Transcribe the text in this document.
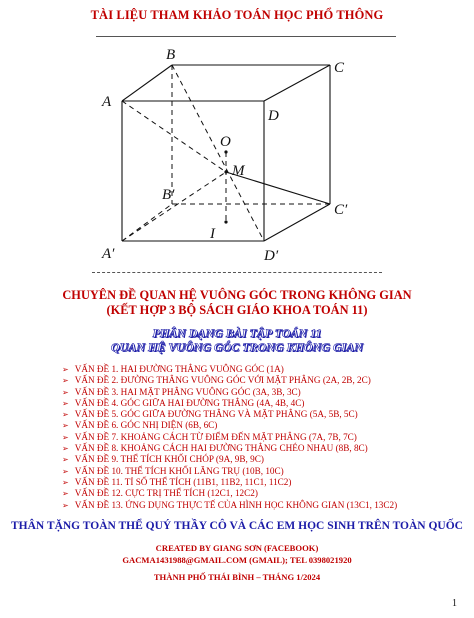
TÀI LIỆU THAM KHẢO TOÁN HỌC PHỔ THÔNG
A
B
C
D
B′
C′
A′	D′
O
M
I
CHUYÊN ĐỀ QUAN HỆ VUÔNG GÓC TRONG KHÔNG GIAN
(KẾT HỢP 3 BỘ SÁCH GIÁO KHOA TOÁN 11)
PHÂN DẠNG BÀI TẬP TOÁN 11
QUAN HỆ VUÔNG GÓC TRONG KHÔNG GIAN
➢ VẤN ĐỀ 1. HAI ĐƯỜNG THẲNG VUÔNG GÓC (1A)
➢ VẤN ĐỀ 2. ĐƯỜNG THẲNG VUÔNG GÓC VỚI MẶT PHẲNG (2A, 2B, 2C)
➢ VẤN ĐỀ 3. HAI MẶT PHẲNG VUÔNG GÓC (3A, 3B, 3C)
➢ VẤN ĐỀ 4. GÓC GIỮA HAI ĐƯỜNG THẲNG (4A, 4B, 4C)
➢ VẤN ĐỀ 5. GÓC GIỮA ĐƯỜNG THẲNG VÀ MẶT PHẲNG (5A, 5B, 5C)
➢ VẤN ĐỀ 6. GÓC NHỊ DIỆN (6B, 6C)
➢ VẤN ĐỀ 7. KHOẢNG CÁCH TỪ ĐIỂM ĐẾN MẶT PHẲNG (7A, 7B, 7C)
➢ VẤN ĐỀ 8. KHOẢNG CÁCH HAI ĐƯỜNG THẲNG CHÉO NHAU (8B, 8C)
➢ VẤN ĐỀ 9. THỂ TÍCH KHỐI CHÓP (9A, 9B, 9C)
➢ VẤN ĐỀ 10. THỂ TÍCH KHỐI LĂNG TRỤ (10B, 10C)
➢ VẤN ĐỀ 11. TỈ SỐ THỂ TÍCH (11B1, 11B2, 11C1, 11C2)
➢ VẤN ĐỀ 12. CỰC TRỊ THỂ TÍCH (12C1, 12C2)
➢ VẤN ĐỀ 13. ỨNG DỤNG THỰC TẾ CỦA HÌNH HỌC KHÔNG GIAN (13C1, 13C2)
THÂN TẶNG TOÀN THỂ QUÝ THẦY CÔ VÀ CÁC EM HỌC SINH TRÊN TOÀN QUỐC
CREATED BY GIANG SƠN (FACEBOOK)
GACMA1431988@GMAIL.COM (GMAIL); TEL 0398021920
THÀNH PHỐ THÁI BÌNH – THÁNG 1/2024
1
